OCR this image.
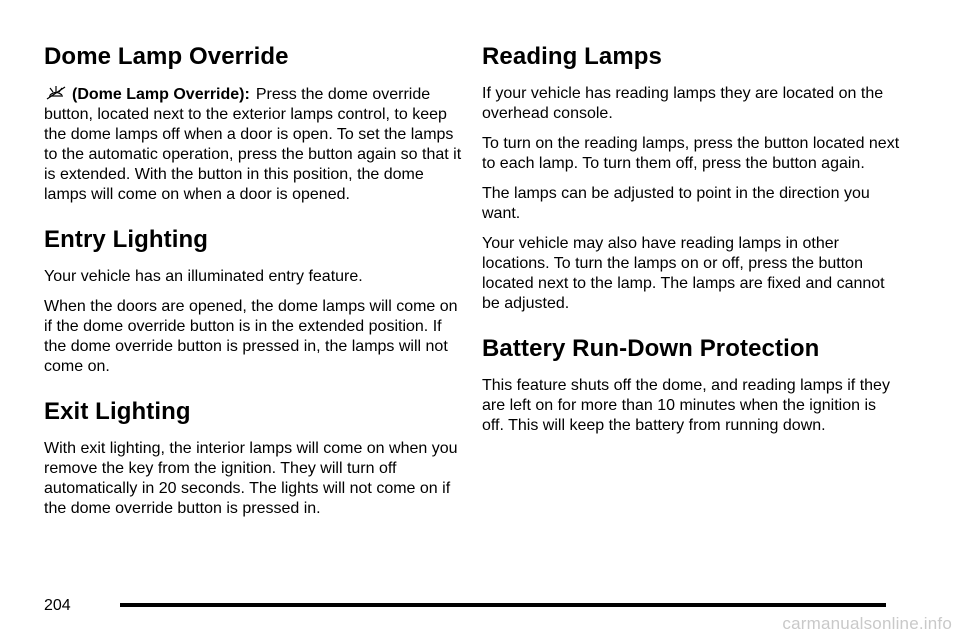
Dome Lamp Override

(Dome Lamp Override): Press the dome override button, located next to the exterior lamps control, to keep the dome lamps off when a door is open. To set the lamps to the automatic operation, press the button again so that it is extended. With the button in this position, the dome lamps will come on when a door is opened.

Entry Lighting

Your vehicle has an illuminated entry feature.

When the doors are opened, the dome lamps will come on if the dome override button is in the extended position. If the dome override button is pressed in, the lamps will not come on.

Exit Lighting

With exit lighting, the interior lamps will come on when you remove the key from the ignition. They will turn off automatically in 20 seconds. The lights will not come on if the dome override button is pressed in.

Reading Lamps

If your vehicle has reading lamps they are located on the overhead console.

To turn on the reading lamps, press the button located next to each lamp. To turn them off, press the button again.

The lamps can be adjusted to point in the direction you want.

Your vehicle may also have reading lamps in other locations. To turn the lamps on or off, press the button located next to the lamp. The lamps are fixed and cannot be adjusted.

Battery Run-Down Protection

This feature shuts off the dome, and reading lamps if they are left on for more than 10 minutes when the ignition is off. This will keep the battery from running down.

204
carmanualsonline.info
